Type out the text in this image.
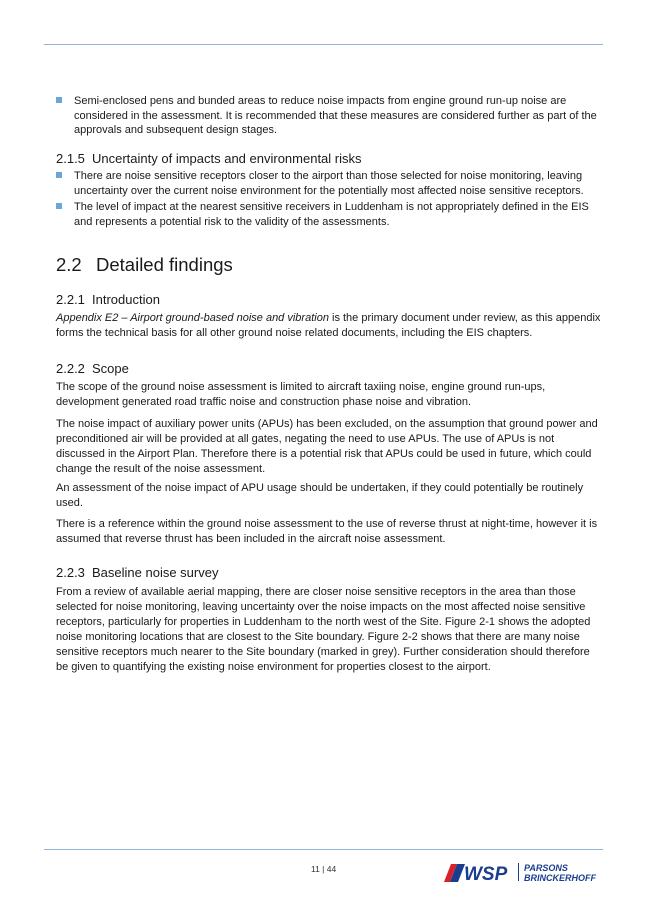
Semi-enclosed pens and bunded areas to reduce noise impacts from engine ground run-up noise are considered in the assessment. It is recommended that these measures are considered further as part of the approvals and subsequent design stages.
2.1.5 Uncertainty of impacts and environmental risks
There are noise sensitive receptors closer to the airport than those selected for noise monitoring, leaving uncertainty over the current noise environment for the potentially most affected noise sensitive receptors.
The level of impact at the nearest sensitive receivers in Luddenham is not appropriately defined in the EIS and represents a potential risk to the validity of the assessments.
2.2 Detailed findings
2.2.1 Introduction
Appendix E2 – Airport ground-based noise and vibration is the primary document under review, as this appendix forms the technical basis for all other ground noise related documents, including the EIS chapters.
2.2.2 Scope
The scope of the ground noise assessment is limited to aircraft taxiing noise, engine ground run-ups, development generated road traffic noise and construction phase noise and vibration.
The noise impact of auxiliary power units (APUs) has been excluded, on the assumption that ground power and preconditioned air will be provided at all gates, negating the need to use APUs. The use of APUs is not discussed in the Airport Plan. Therefore there is a potential risk that APUs could be used in future, which could change the result of the noise assessment.
An assessment of the noise impact of APU usage should be undertaken, if they could potentially be routinely used.
There is a reference within the ground noise assessment to the use of reverse thrust at night-time, however it is assumed that reverse thrust has been included in the aircraft noise assessment.
2.2.3 Baseline noise survey
From a review of available aerial mapping, there are closer noise sensitive receptors in the area than those selected for noise monitoring, leaving uncertainty over the noise impacts on the most affected noise sensitive receptors, particularly for properties in Luddenham to the north west of the Site. Figure 2-1 shows the adopted noise monitoring locations that are closest to the Site boundary. Figure 2-2 shows that there are many noise sensitive receptors much nearer to the Site boundary (marked in grey). Further consideration should therefore be given to quantifying the existing noise environment for properties closest to the airport.
11 | 44	WSP PARSONS
BRINCKERHOFF
